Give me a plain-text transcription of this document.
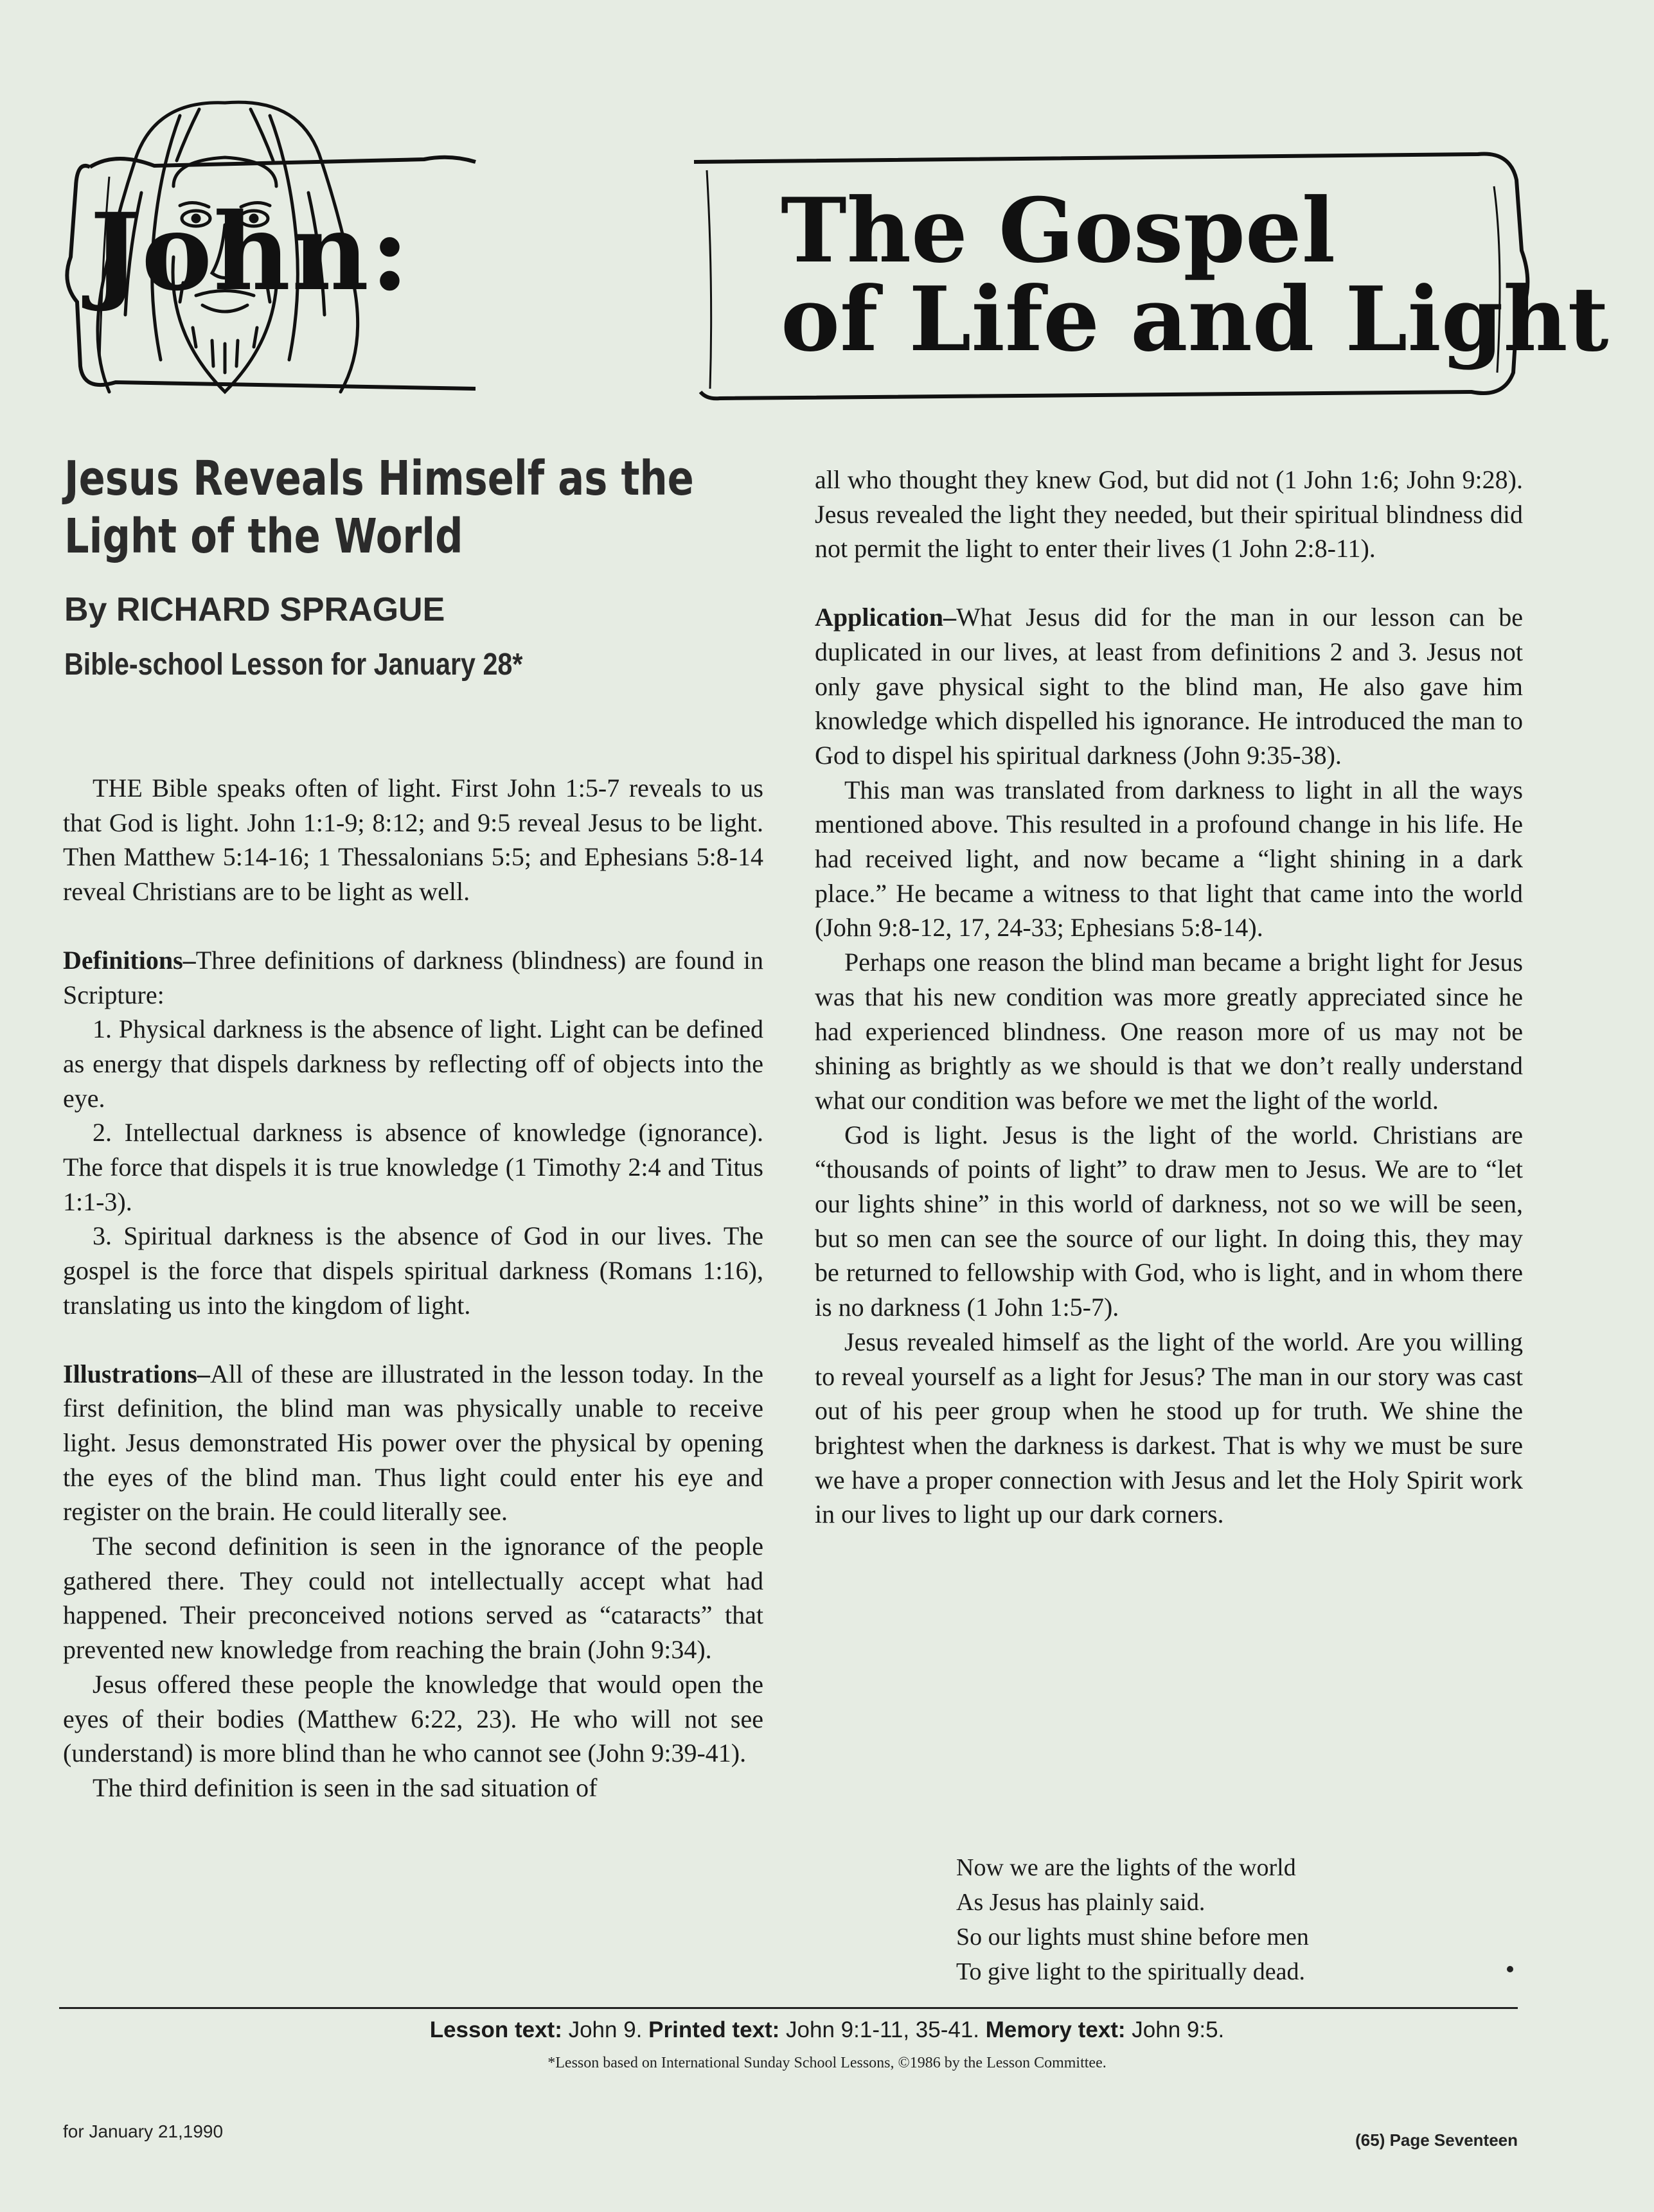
John:	The Gospel
of Life and Light
Jesus Reveals Himself as the
Light of the World
By RICHARD SPRAGUE
Bible-school Lesson for January 28*

THE Bible speaks often of light. First John 1:5-7 reveals to us that God is light. John 1:1-9; 8:12; and 9:5 reveal Jesus to be light. Then Matthew 5:14-16; 1 Thessalonians 5:5; and Ephesians 5:8-14 reveal Christians are to be light as well.

Definitions–Three definitions of darkness (blindness) are found in Scripture:

1. Physical darkness is the absence of light. Light can be defined as energy that dispels darkness by reflecting off of objects into the eye.

2. Intellectual darkness is absence of knowledge (ignorance). The force that dispels it is true knowledge (1 Timothy 2:4 and Titus 1:1-3).

3. Spiritual darkness is the absence of God in our lives. The gospel is the force that dispels spiritual darkness (Romans 1:16), translating us into the kingdom of light.

Illustrations–All of these are illustrated in the lesson today. In the first definition, the blind man was physically unable to receive light. Jesus demonstrated His power over the physical by opening the eyes of the blind man. Thus light could enter his eye and register on the brain. He could literally see.

The second definition is seen in the ignorance of the people gathered there. They could not intellectually accept what had happened. Their preconceived notions served as “cataracts” that prevented new knowledge from reaching the brain (John 9:34).

Jesus offered these people the knowledge that would open the eyes of their bodies (Matthew 6:22, 23). He who will not see (understand) is more blind than he who cannot see (John 9:39-41).

The third definition is seen in the sad situation of

all who thought they knew God, but did not (1 John 1:6; John 9:28). Jesus revealed the light they needed, but their spiritual blindness did not permit the light to enter their lives (1 John 2:8-11).

Application–What Jesus did for the man in our lesson can be duplicated in our lives, at least from definitions 2 and 3. Jesus not only gave physical sight to the blind man, He also gave him knowledge which dispelled his ignorance. He introduced the man to God to dispel his spiritual darkness (John 9:35-38).

This man was translated from darkness to light in all the ways mentioned above. This resulted in a profound change in his life. He had received light, and now became a “light shining in a dark place.” He became a witness to that light that came into the world (John 9:8-12, 17, 24-33; Ephesians 5:8-14).

Perhaps one reason the blind man became a bright light for Jesus was that his new condition was more greatly appreciated since he had experienced blindness. One reason more of us may not be shining as brightly as we should is that we don’t really understand what our condition was before we met the light of the world.

God is light. Jesus is the light of the world. Christians are “thousands of points of light” to draw men to Jesus. We are to “let our lights shine” in this world of darkness, not so we will be seen, but so men can see the source of our light. In doing this, they may be returned to fellowship with God, who is light, and in whom there is no darkness (1 John 1:5-7).

Jesus revealed himself as the light of the world. Are you willing to reveal yourself as a light for Jesus? The man in our story was cast out of his peer group when he stood up for truth. We shine the brightest when the darkness is darkest. That is why we must be sure we have a proper connection with Jesus and let the Holy Spirit work in our lives to light up our dark corners.

Now we are the lights of the world
As Jesus has plainly said.
So our lights must shine before men
To give light to the spiritually dead.
Lesson text: John 9. Printed text: John 9:1-11, 35-41. Memory text: John 9:5.
*Lesson based on International Sunday School Lessons, ©1986 by the Lesson Committee.
for January 21,1990	(65) Page Seventeen
